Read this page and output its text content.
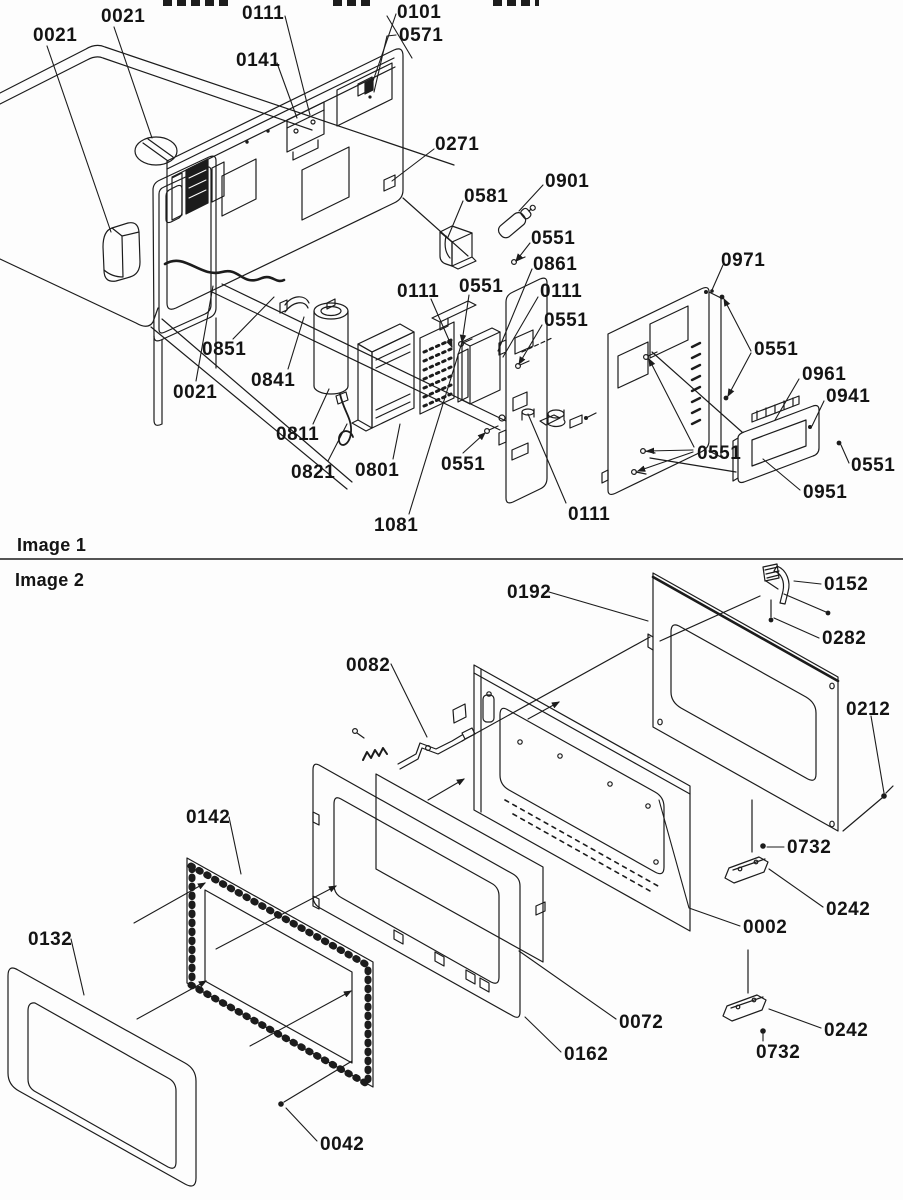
Image 1
Image 2
0021
0021	0111	0101
0571
0141
0271
0581
0901
0551
0861
0111 0551 0111
0551
0971
0551
0961
0941
0851
0841
0021
0811
0821 0801 0551
1081
0111
0551
0551
0951
0192	0152
0282
0212
0082
0142
0132
0732
0242
0002
0072
0162
0242
0732
0042
